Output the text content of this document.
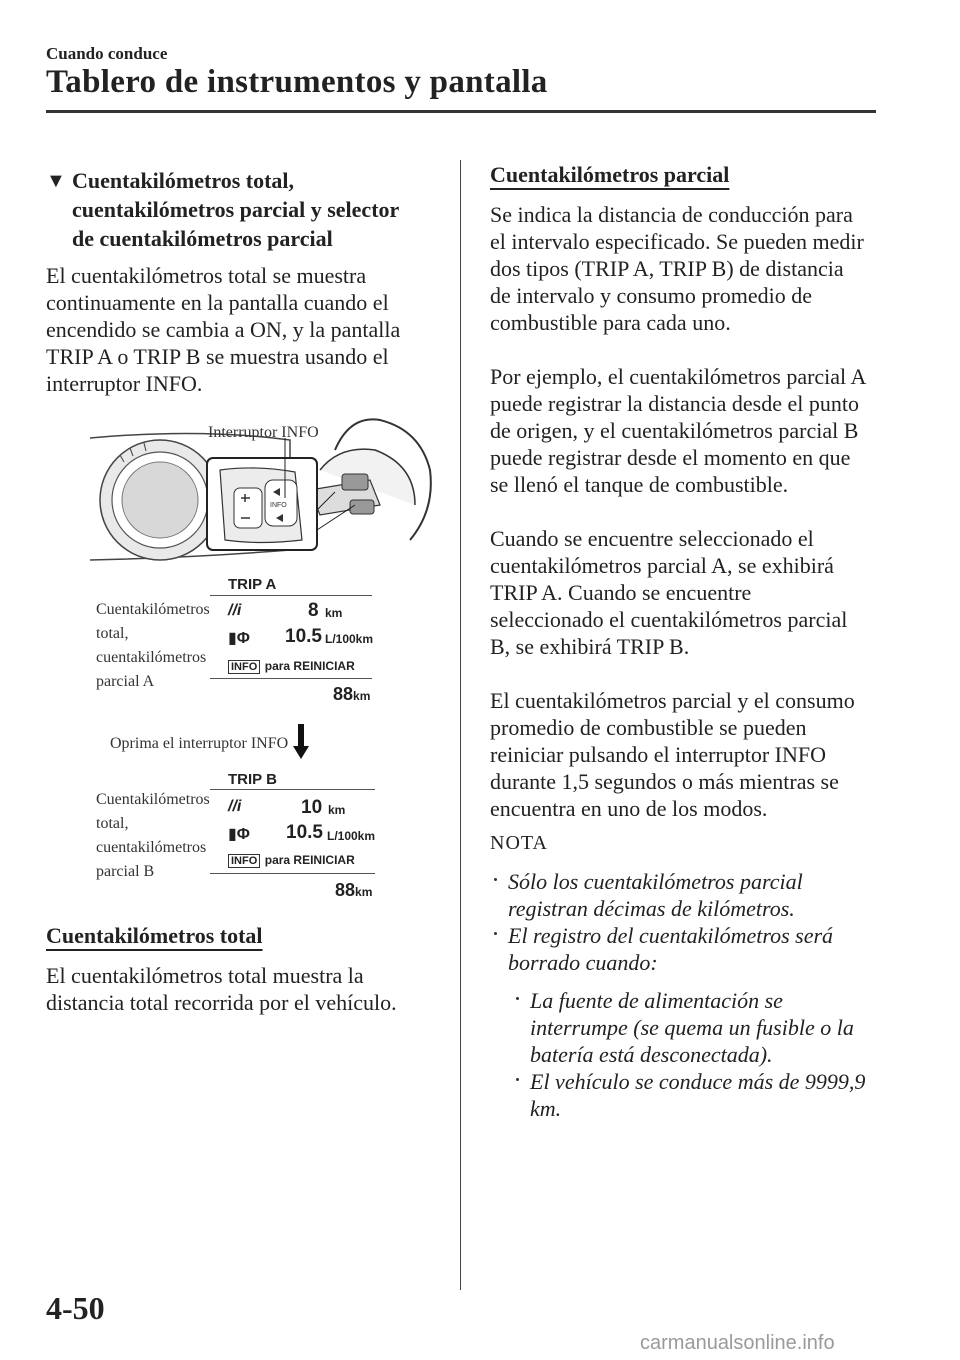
Cuando conduce
Tablero de instrumentos y pantalla
▼ Cuentakilómetros total,
cuentakilómetros parcial y selector
de cuentakilómetros parcial
El cuentakilómetros total se muestra
continuamente en la pantalla cuando el
encendido se cambia a ON, y la pantalla
TRIP A o TRIP B se muestra usando el
interruptor INFO.
INFO
Interruptor INFO
Cuentakilómetros
total,
cuentakilómetros
parcial A
TRIP A
//i	8 km
▮Φ 10.5 L/100km
INFO para REINICIAR
88km
Oprima el interruptor INFO
Cuentakilómetros
total,
cuentakilómetros
parcial B
TRIP B
//i	10 km
▮Φ 10.5 L/100km
INFO para REINICIAR
88km
Cuentakilómetros total
El cuentakilómetros total muestra la
distancia total recorrida por el vehículo.
Cuentakilómetros parcial
Se indica la distancia de conducción para
el intervalo especificado. Se pueden medir
dos tipos (TRIP A, TRIP B) de distancia
de intervalo y consumo promedio de
combustible para cada uno.
Por ejemplo, el cuentakilómetros parcial A
puede registrar la distancia desde el punto
de origen, y el cuentakilómetros parcial B
puede registrar desde el momento en que
se llenó el tanque de combustible.
Cuando se encuentre seleccionado el
cuentakilómetros parcial A, se exhibirá
TRIP A. Cuando se encuentre
seleccionado el cuentakilómetros parcial
B, se exhibirá TRIP B.
El cuentakilómetros parcial y el consumo
promedio de combustible se pueden
reiniciar pulsando el interruptor INFO
durante 1,5 segundos o más mientras se
encuentra en uno de los modos.
NOTA
Sólo los cuentakilómetros parcial
registran décimas de kilómetros.
El registro del cuentakilómetros será
borrado cuando:
La fuente de alimentación se
interrumpe (se quema un fusible o la
batería está desconectada).
El vehículo se conduce más de 9999,9
km.
4-50
carmanualsonline.info
